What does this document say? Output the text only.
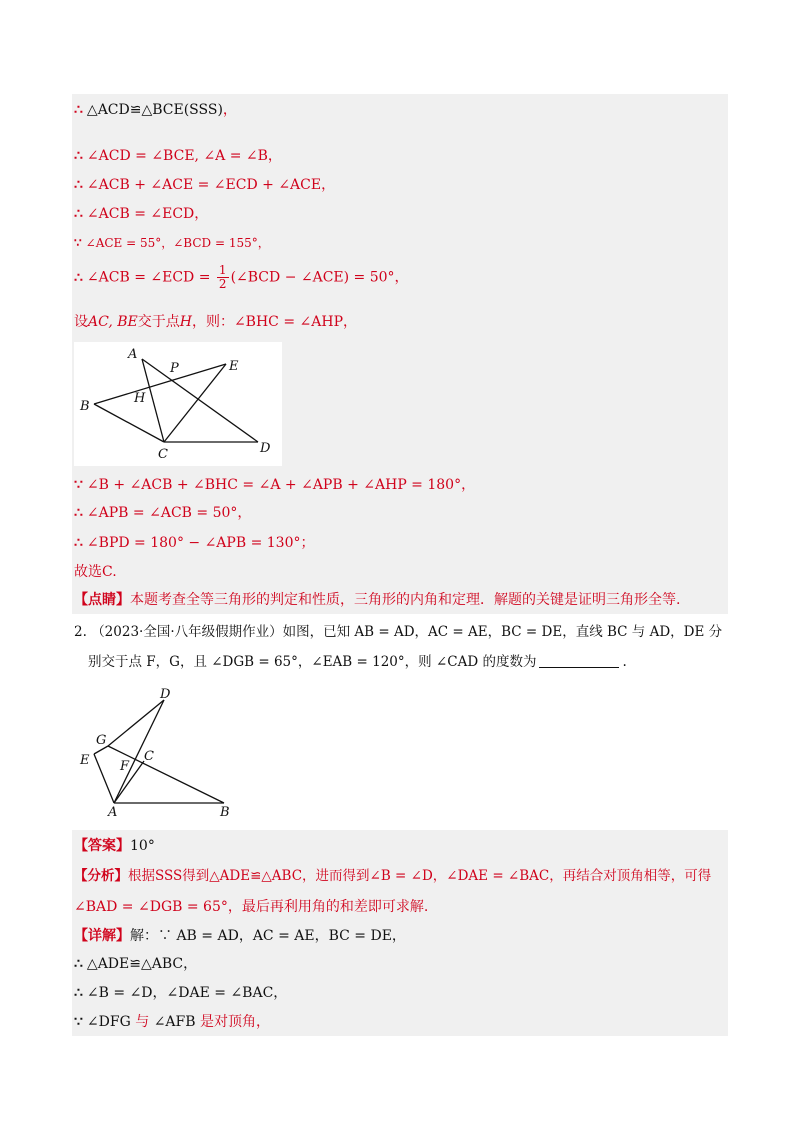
∴ △ACD≌△BCE(SSS)，
∴ ∠ACD = ∠BCE, ∠A = ∠B，
∴ ∠ACB + ∠ACE = ∠ECD + ∠ACE，
∴ ∠ACB = ∠ECD，
∵ ∠ACE = 55°，∠BCD = 155°，
∴ ∠ACB = ∠ECD = $\frac{1}{2}$ (∠BCD − ∠ACE) = 50°，
设AC, BE交于点H，则：∠BHC = ∠AHP，
A
P	E
B
H
C	D
∵ ∠B + ∠ACB + ∠BHC = ∠A + ∠APB + ∠AHP = 180°，
∴ ∠APB = ∠ACB = 50°，
∴ ∠BPD = 180° − ∠APB = 130°；
故选C.
【点睛】本题考查全等三角形的判定和性质，三角形的内角和定理．解题的关键是证明三角形全等.
2. （2023·全国·八年级假期作业）如图，已知 AB = AD，AC = AE，BC = DE，直线 BC 与 AD，DE 分
别交于点 F，G，且 ∠DGB = 65°，∠EAB = 120°，则 ∠CAD 的度数为	.
D
G
C
E F
A	B
【答案】10°
【分析】根据SSS得到△ADE≌△ABC，进而得到∠B = ∠D，∠DAE = ∠BAC，再结合对顶角相等，可得
∠BAD = ∠DGB = 65°，最后再利用角的和差即可求解.
【详解】解：∵ AB = AD，AC = AE，BC = DE，
∴ △ADE≌△ABC，
∴ ∠B = ∠D，∠DAE = ∠BAC，
∵ ∠DFG 与 ∠AFB 是对顶角，
